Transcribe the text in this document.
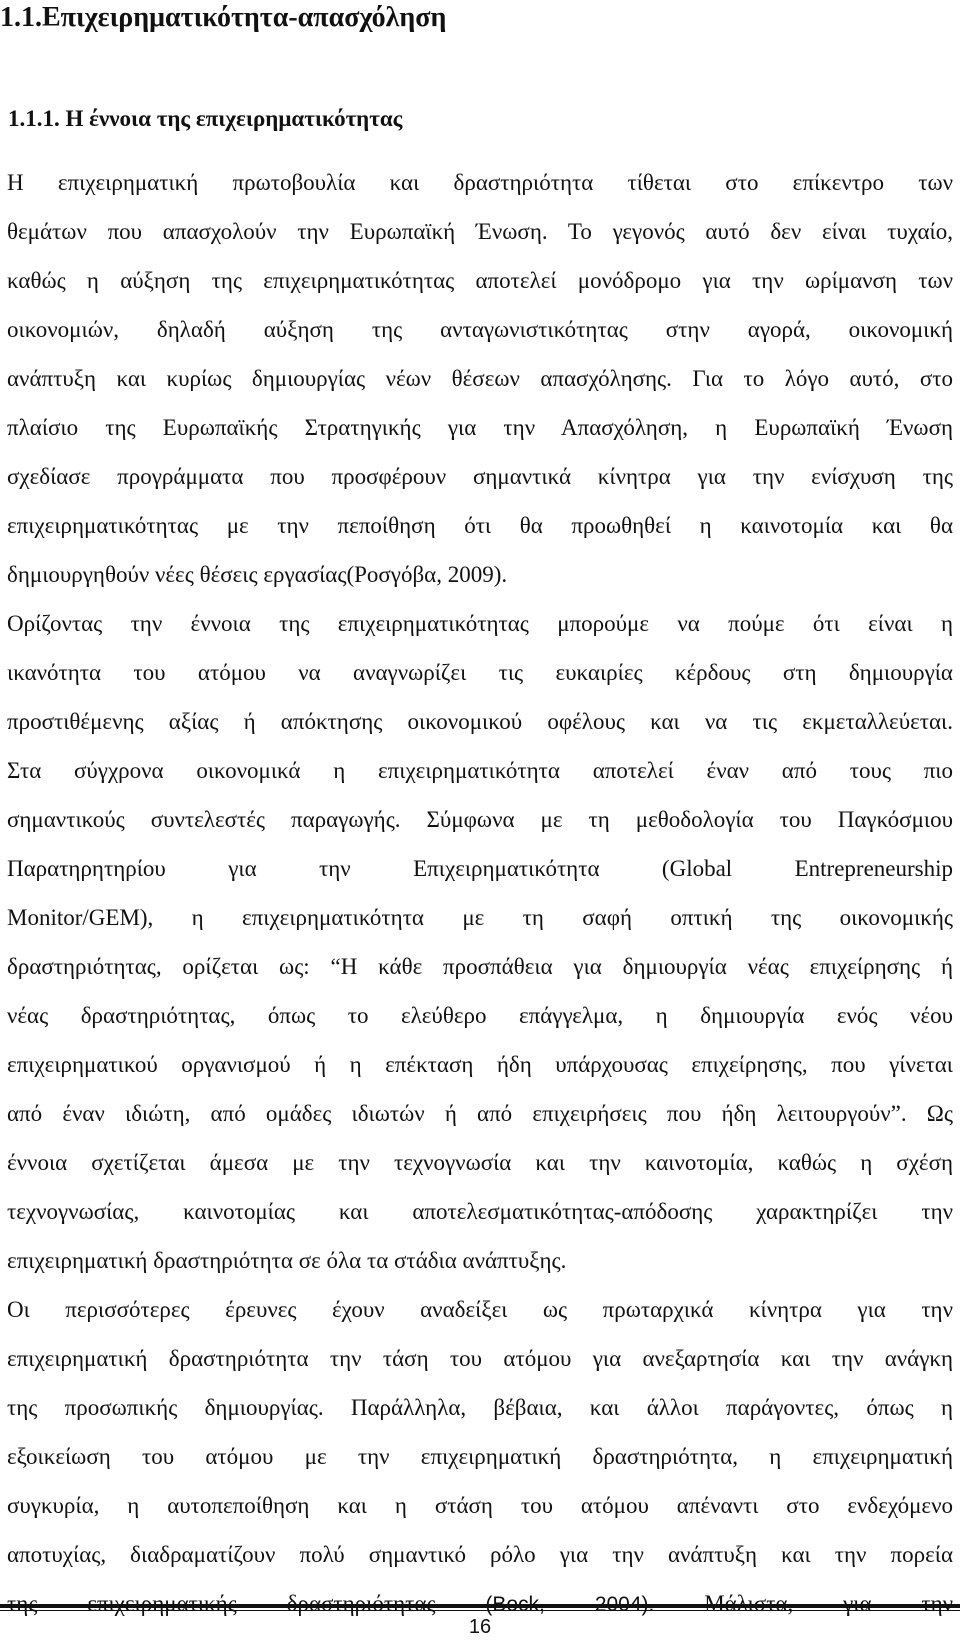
1.1.Επιχειρηματικότητα-απασχόληση
1.1.1. Η έννοια της επιχειρηματικότητας
Η επιχειρηματική πρωτοβουλία και δραστηριότητα τίθεται στο επίκεντρο των
θεμάτων που απασχολούν την Ευρωπαϊκή Ένωση. Το γεγονός αυτό δεν είναι τυχαίο,
καθώς η αύξηση της επιχειρηματικότητας αποτελεί μονόδρομο για την ωρίμανση των
οικονομιών, δηλαδή αύξηση της ανταγωνιστικότητας στην αγορά, οικονομική
ανάπτυξη και κυρίως δημιουργίας νέων θέσεων απασχόλησης. Για το λόγο αυτό, στο
πλαίσιο της Ευρωπαϊκής Στρατηγικής για την Απασχόληση, η Ευρωπαϊκή Ένωση
σχεδίασε προγράμματα που προσφέρουν σημαντικά κίνητρα για την ενίσχυση της
επιχειρηματικότητας με την πεποίθηση ότι θα προωθηθεί η καινοτομία και θα
δημιουργηθούν νέες θέσεις εργασίας(Ροσγόβα, 2009).
Ορίζοντας την έννοια της επιχειρηματικότητας μπορούμε να πούμε ότι είναι η
ικανότητα του ατόμου να αναγνωρίζει τις ευκαιρίες κέρδους στη δημιουργία
προστιθέμενης αξίας ή απόκτησης οικονομικού οφέλους και να τις εκμεταλλεύεται.
Στα σύγχρονα οικονομικά η επιχειρηματικότητα αποτελεί έναν από τους πιο
σημαντικούς συντελεστές παραγωγής. Σύμφωνα με τη μεθοδολογία του Παγκόσμιου
Παρατηρητηρίου για την Επιχειρηματικότητα (Global Entrepreneurship
Monitor/GEM), η επιχειρηματικότητα με τη σαφή οπτική της οικονομικής
δραστηριότητας, ορίζεται ως: “Η κάθε προσπάθεια για δημιουργία νέας επιχείρησης ή
νέας δραστηριότητας, όπως το ελεύθερο επάγγελμα, η δημιουργία ενός νέου
επιχειρηματικού οργανισμού ή η επέκταση ήδη υπάρχουσας επιχείρησης, που γίνεται
από έναν ιδιώτη, από ομάδες ιδιωτών ή από επιχειρήσεις που ήδη λειτουργούν”. Ως
έννοια σχετίζεται άμεσα με την τεχνογνωσία και την καινοτομία, καθώς η σχέση
τεχνογνωσίας, καινοτομίας και αποτελεσματικότητας-απόδοσης χαρακτηρίζει την
επιχειρηματική δραστηριότητα σε όλα τα στάδια ανάπτυξης.
Οι περισσότερες έρευνες έχουν αναδείξει ως πρωταρχικά κίνητρα για την
επιχειρηματική δραστηριότητα την τάση του ατόμου για ανεξαρτησία και την ανάγκη
της προσωπικής δημιουργίας. Παράλληλα, βέβαια, και άλλοι παράγοντες, όπως η
εξοικείωση του ατόμου με την επιχειρηματική δραστηριότητα, η επιχειρηματική
συγκυρία, η αυτοπεποίθηση και η στάση του ατόμου απέναντι στο ενδεχόμενο
αποτυχίας, διαδραματίζουν πολύ σημαντικό ρόλο για την ανάπτυξη και την πορεία
16
